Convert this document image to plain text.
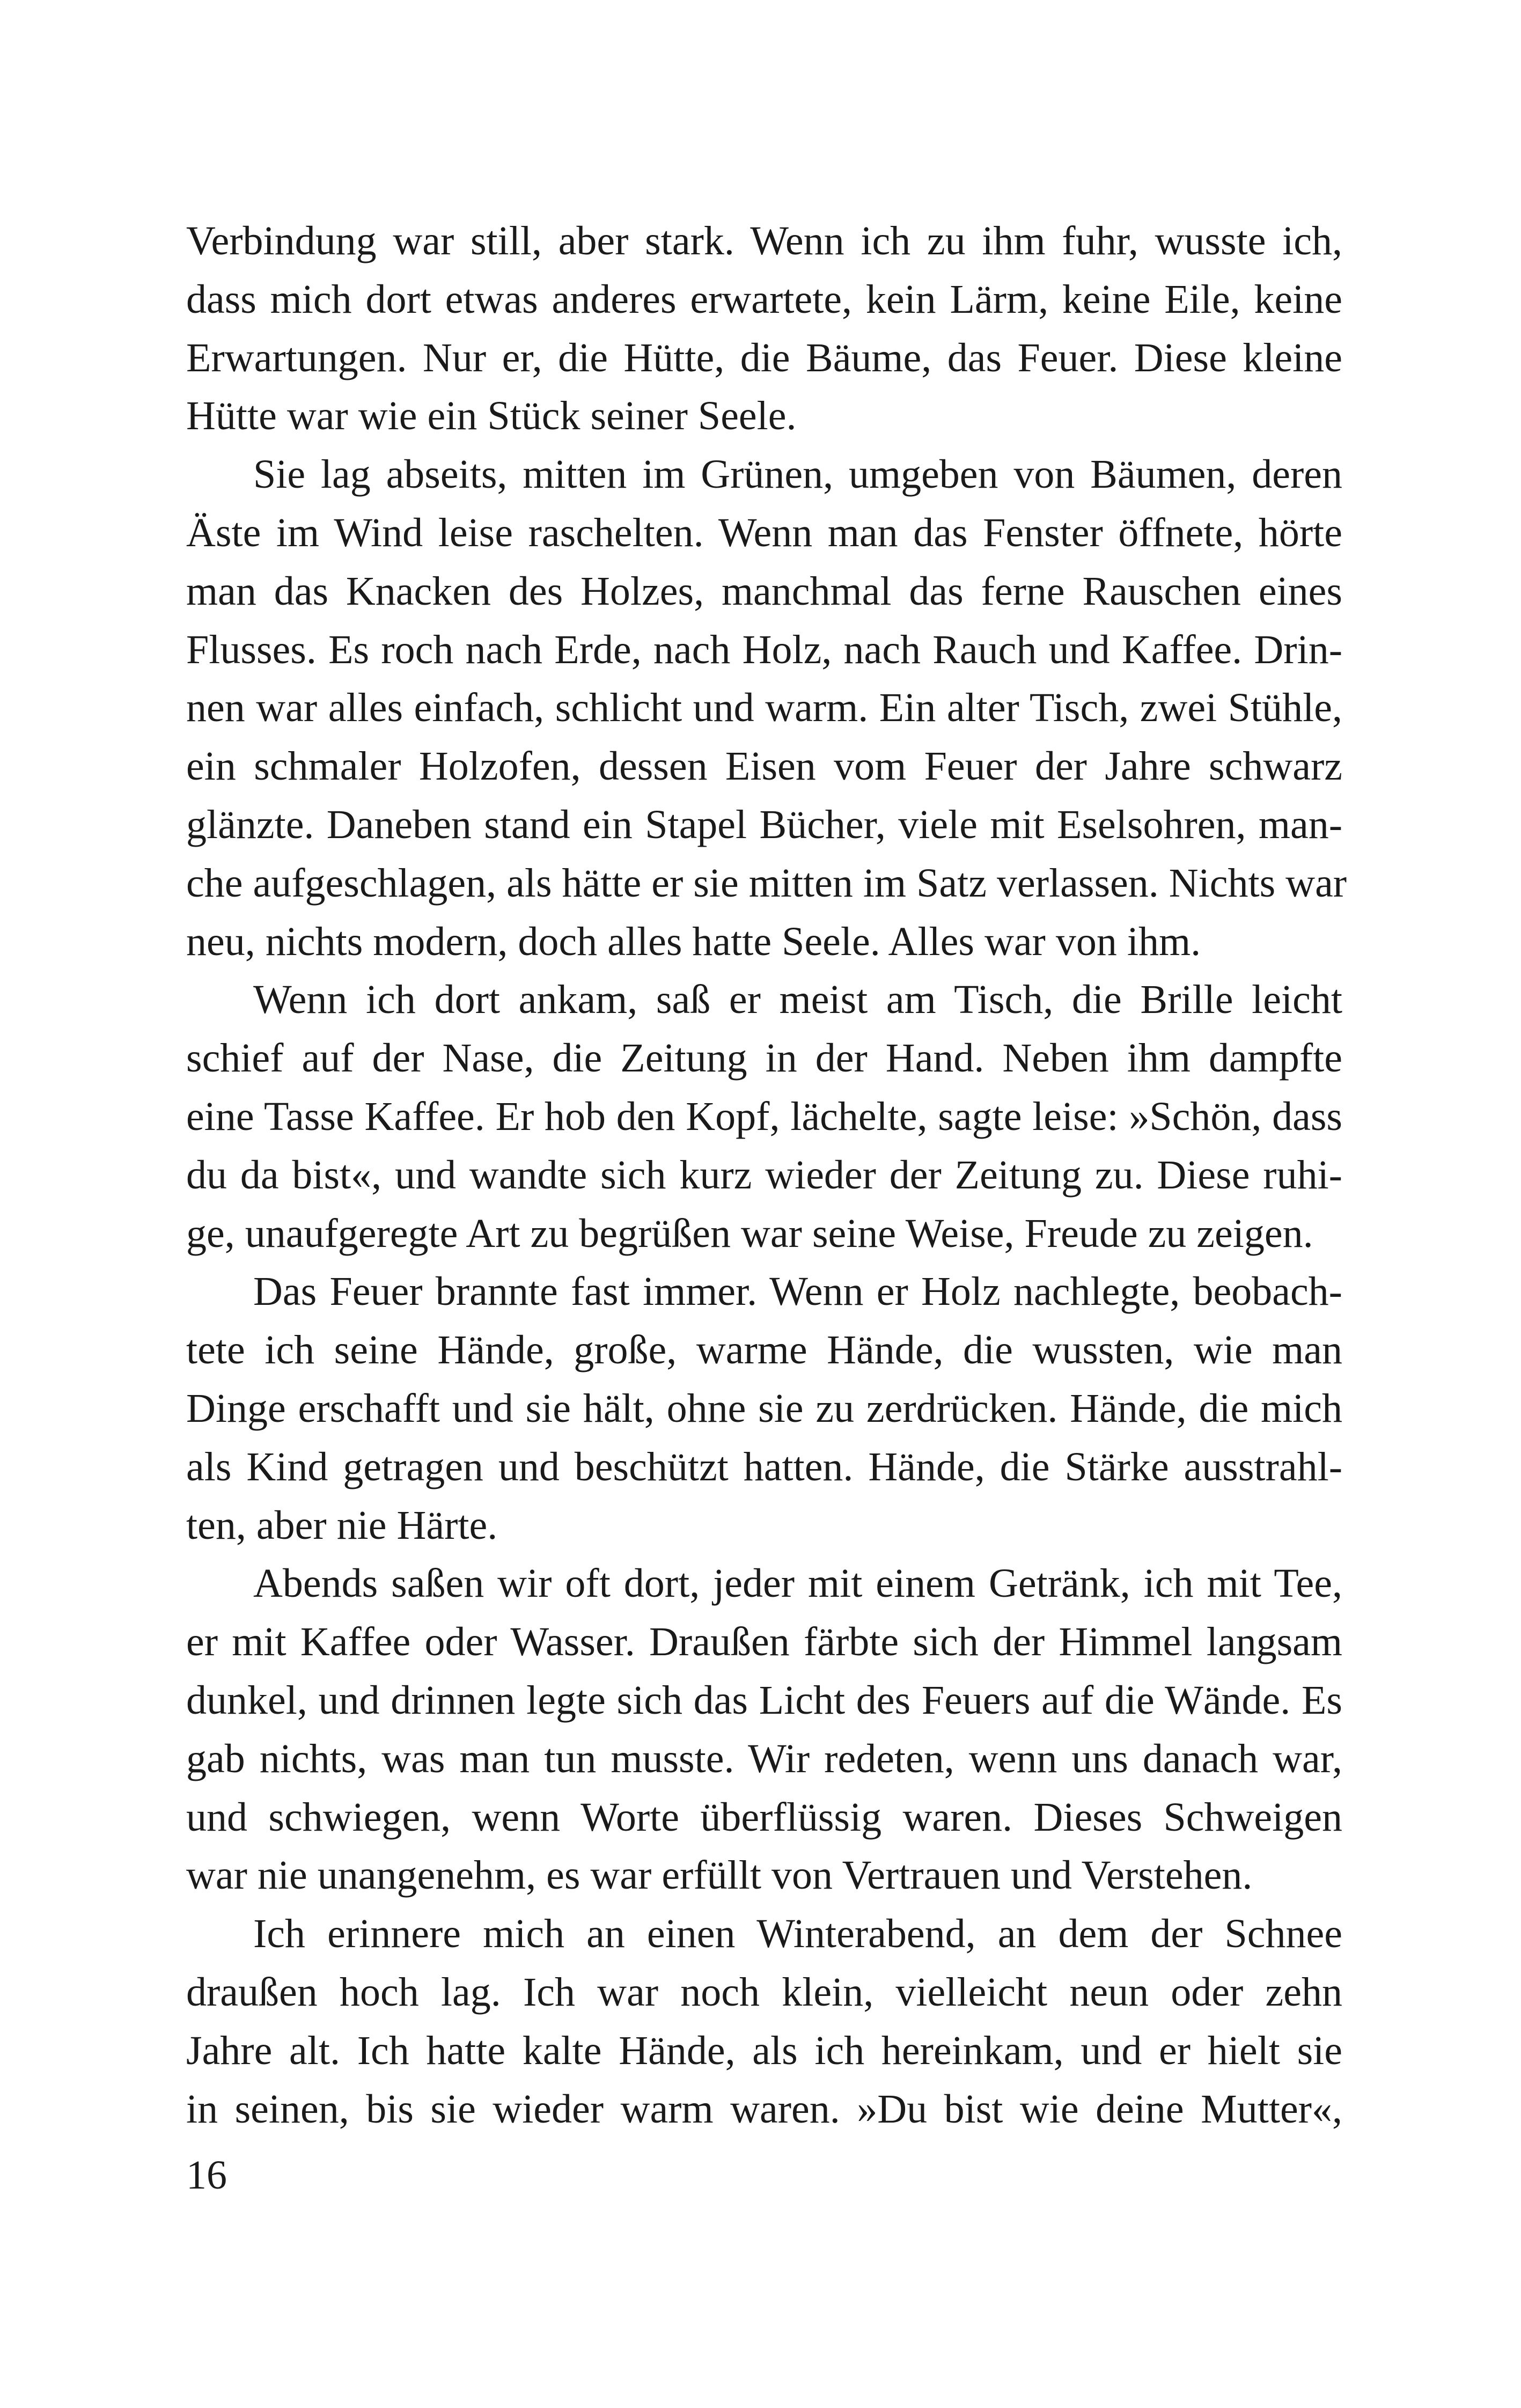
Verbindung war still, aber stark. Wenn ich zu ihm fuhr, wusste ich,
dass mich dort etwas anderes erwartete, kein Lärm, keine Eile, keine
Erwartungen. Nur er, die Hütte, die Bäume, das Feuer. Diese kleine
Hütte war wie ein Stück seiner Seele.
Sie lag abseits, mitten im Grünen, umgeben von Bäumen, deren
Äste im Wind leise raschelten. Wenn man das Fenster öffnete, hörte
man das Knacken des Holzes, manchmal das ferne Rauschen eines
Flusses. Es roch nach Erde, nach Holz, nach Rauch und Kaffee. Drin-
nen war alles einfach, schlicht und warm. Ein alter Tisch, zwei Stühle,
ein schmaler Holzofen, dessen Eisen vom Feuer der Jahre schwarz
glänzte. Daneben stand ein Stapel Bücher, viele mit Eselsohren, man-
che aufgeschlagen, als hätte er sie mitten im Satz verlassen. Nichts war
neu, nichts modern, doch alles hatte Seele. Alles war von ihm.
Wenn ich dort ankam, saß er meist am Tisch, die Brille leicht
schief auf der Nase, die Zeitung in der Hand. Neben ihm dampfte
eine Tasse Kaffee. Er hob den Kopf, lächelte, sagte leise: »Schön, dass
du da bist«, und wandte sich kurz wieder der Zeitung zu. Diese ruhi-
ge, unaufgeregte Art zu begrüßen war seine Weise, Freude zu zeigen.
Das Feuer brannte fast immer. Wenn er Holz nachlegte, beobach-
tete ich seine Hände, große, warme Hände, die wussten, wie man
Dinge erschafft und sie hält, ohne sie zu zerdrücken. Hände, die mich
als Kind getragen und beschützt hatten. Hände, die Stärke ausstrahl-
ten, aber nie Härte.
Abends saßen wir oft dort, jeder mit einem Getränk, ich mit Tee,
er mit Kaffee oder Wasser. Draußen färbte sich der Himmel langsam
dunkel, und drinnen legte sich das Licht des Feuers auf die Wände. Es
gab nichts, was man tun musste. Wir redeten, wenn uns danach war,
und schwiegen, wenn Worte überflüssig waren. Dieses Schweigen
war nie unangenehm, es war erfüllt von Vertrauen und Verstehen.
Ich erinnere mich an einen Winterabend, an dem der Schnee
draußen hoch lag. Ich war noch klein, vielleicht neun oder zehn
Jahre alt. Ich hatte kalte Hände, als ich hereinkam, und er hielt sie
in seinen, bis sie wieder warm waren. »Du bist wie deine Mutter«,
16
